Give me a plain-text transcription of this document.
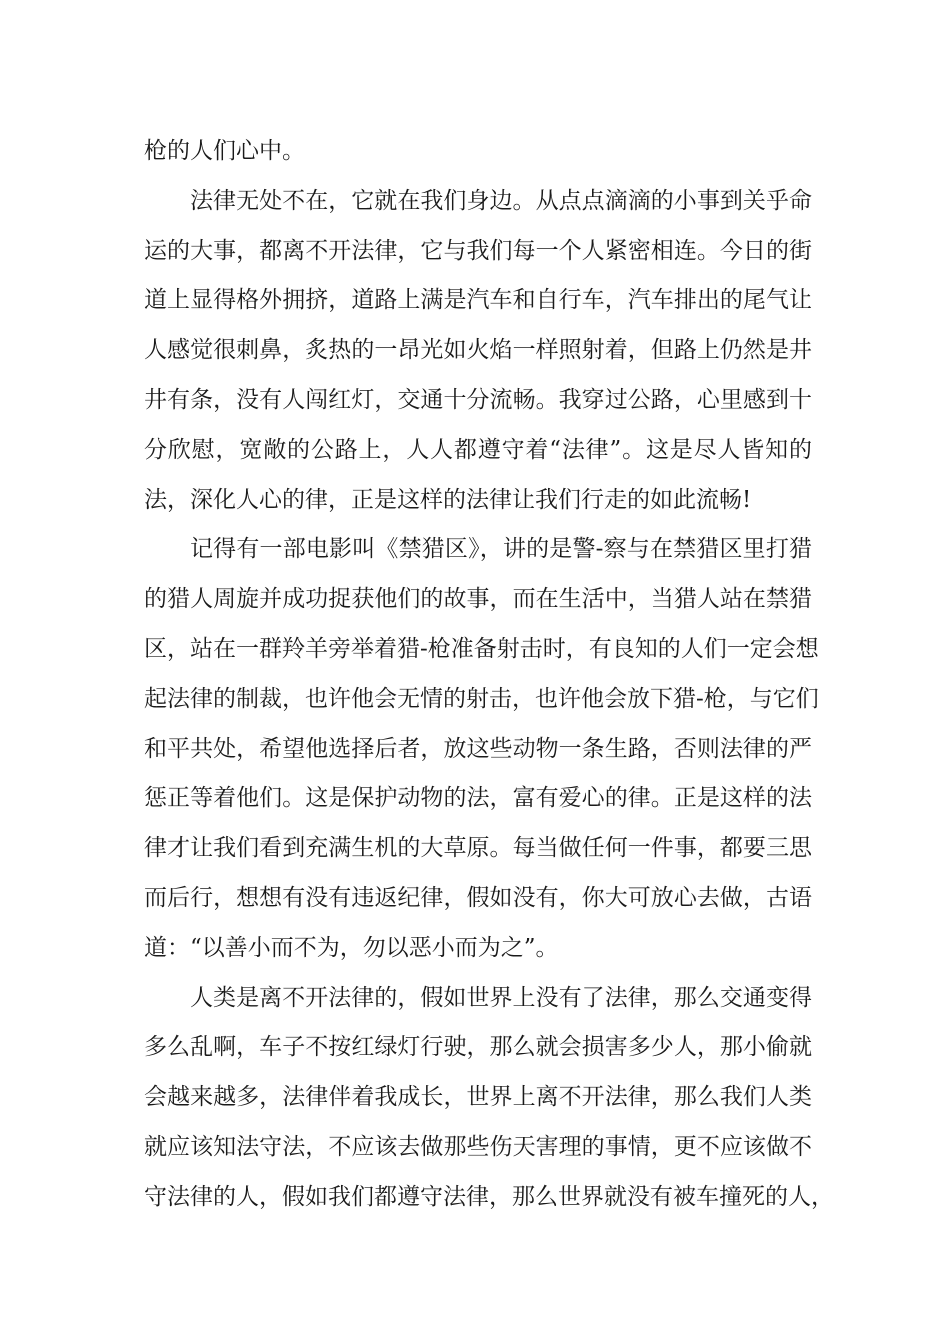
枪的人们心中。
法律无处不在，它就在我们身边。从点点滴滴的小事到关乎命
运的大事，都离不开法律，它与我们每一个人紧密相连。今日的街
道上显得格外拥挤，道路上满是汽车和自行车，汽车排出的尾气让
人感觉很刺鼻，炙热的一昂光如火焰一样照射着，但路上仍然是井
井有条，没有人闯红灯，交通十分流畅。我穿过公路，心里感到十
分欣慰，宽敞的公路上，人人都遵守着“法律”。这是尽人皆知的
法，深化人心的律，正是这样的法律让我们行走的如此流畅!
记得有一部电影叫《禁猎区》，讲的是警-察与在禁猎区里打猎
的猎人周旋并成功捉获他们的故事，而在生活中，当猎人站在禁猎
区，站在一群羚羊旁举着猎-枪准备射击时，有良知的人们一定会想
起法律的制裁，也许他会无情的射击，也许他会放下猎-枪，与它们
和平共处，希望他选择后者，放这些动物一条生路，否则法律的严
惩正等着他们。这是保护动物的法，富有爱心的律。正是这样的法
律才让我们看到充满生机的大草原。每当做任何一件事，都要三思
而后行，想想有没有违返纪律，假如没有，你大可放心去做，古语
道：“以善小而不为，勿以恶小而为之”。
人类是离不开法律的，假如世界上没有了法律，那么交通变得
多么乱啊，车子不按红绿灯行驶，那么就会损害多少人，那小偷就
会越来越多，法律伴着我成长，世界上离不开法律，那么我们人类
就应该知法守法，不应该去做那些伤天害理的事情，更不应该做不
守法律的人，假如我们都遵守法律，那么世界就没有被车撞死的人，
